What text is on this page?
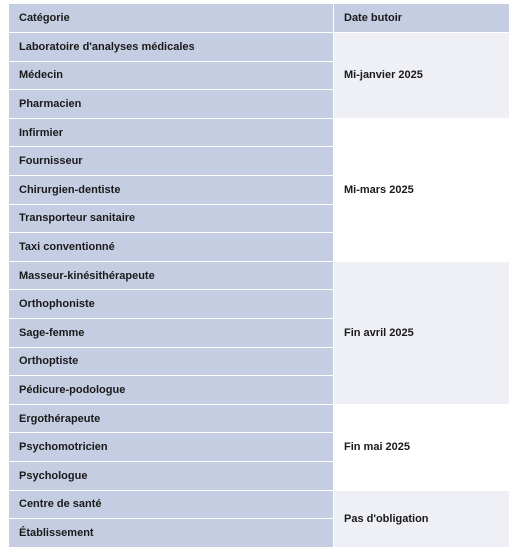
Catégorie	Date butoir
Laboratoire d'analyses médicales	Mi-janvier 2025
Médecin	
Pharmacien	
Infirmier	Mi-mars 2025
Fournisseur	
Chirurgien-dentiste	
Transporteur sanitaire	
Taxi conventionné	
Masseur-kinésithérapeute	Fin avril 2025
Orthophoniste	
Sage-femme	
Orthoptiste	
Pédicure-podologue	
Ergothérapeute	Fin mai 2025
Psychomotricien	
Psychologue	
Centre de santé	Pas d'obligation
Établissement	
